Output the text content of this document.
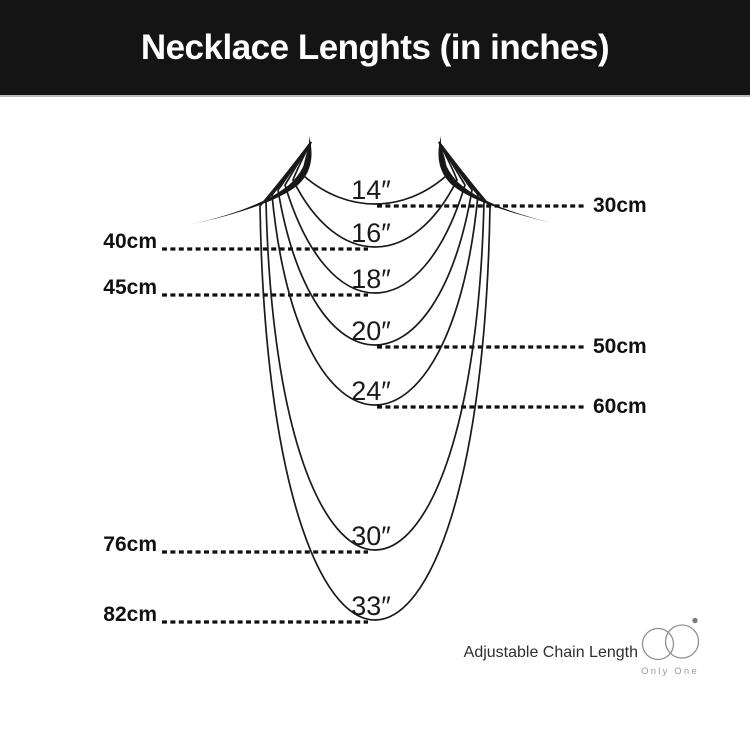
Necklace Lenghts (in inches)
30cm
14″
40cm	16″
45cm	18″
50cm
20″
60cm
24″
76cm	30″
82cm	33″
Adjustable Chain Length
Only One
